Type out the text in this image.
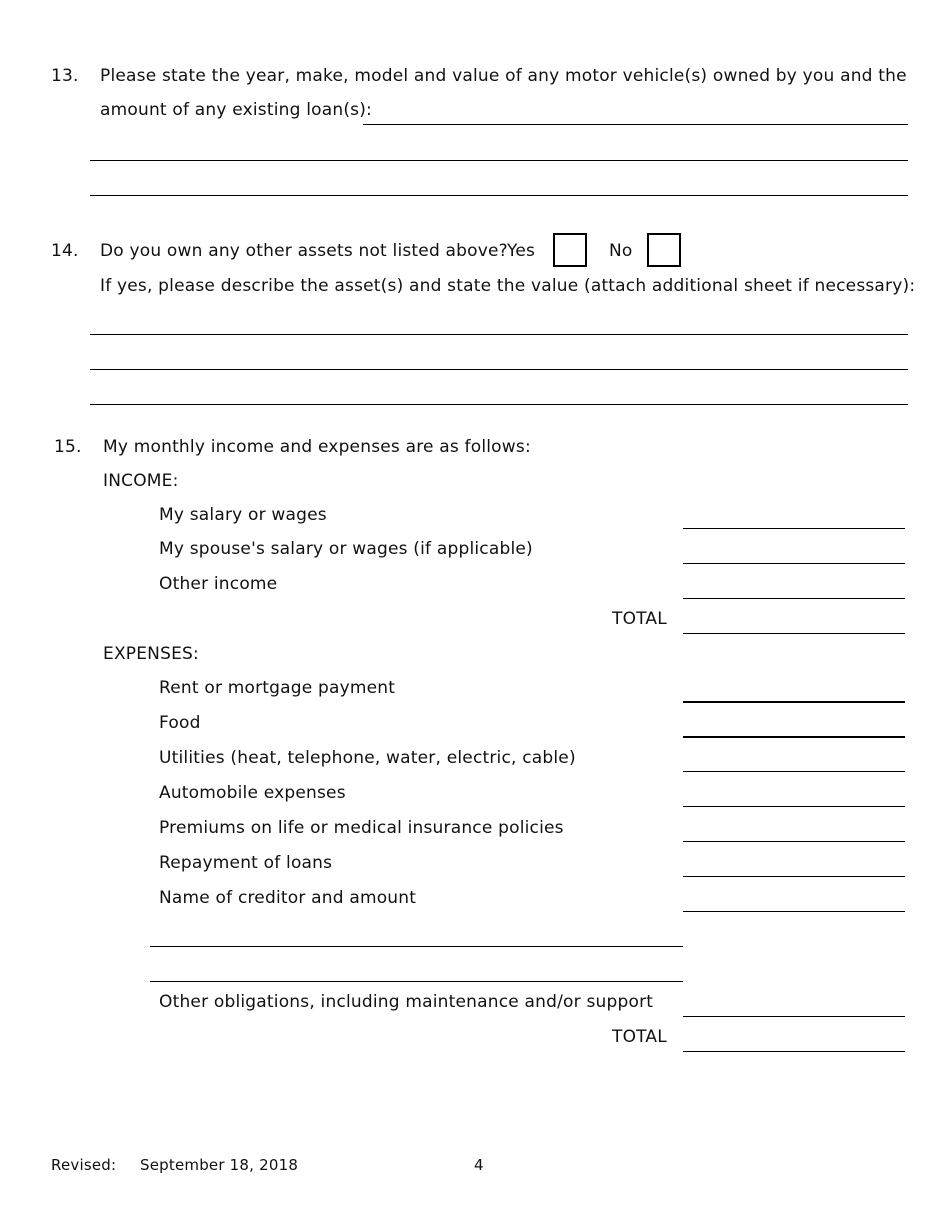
13. Please state the year, make, model and value of any motor vehicle(s) owned by you and the
amount of any existing loan(s):
14. Do you own any other assets not listed above? Yes	No
If yes, please describe the asset(s) and state the value (attach additional sheet if necessary):
15. My monthly income and expenses are as follows:
INCOME:
My salary or wages
My spouse's salary or wages (if applicable)
Other income
TOTAL
EXPENSES:
Rent or mortgage payment
Food
Utilities (heat, telephone, water, electric, cable)
Automobile expenses
Premiums on life or medical insurance policies
Repayment of loans
Name of creditor and amount
Other obligations, including maintenance and/or support
TOTAL
Revised: September 18, 2018	4
